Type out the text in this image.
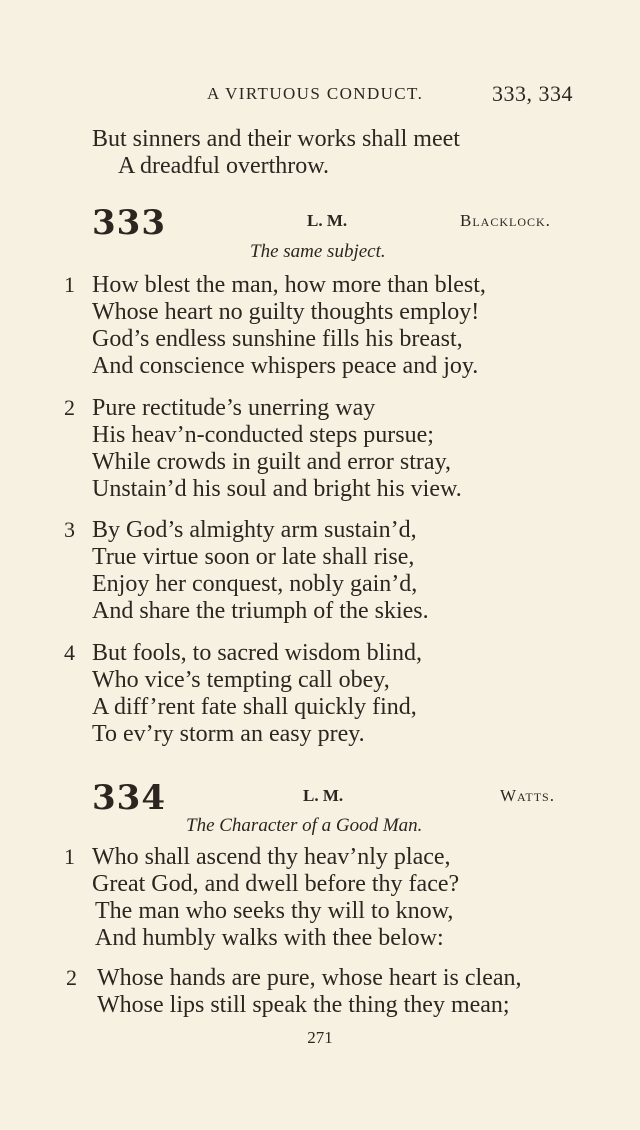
A VIRTUOUS CONDUCT.	333, 334
But sinners and their works shall meet
A dreadful overthrow.
333	L. M.	Blacklock.
The same subject.
1 How blest the man, how more than blest,
Whose heart no guilty thoughts employ!
God’s endless sunshine fills his breast,
And conscience whispers peace and joy.
2 Pure rectitude’s unerring way
His heav’n-conducted steps pursue;
While crowds in guilt and error stray,
Unstain’d his soul and bright his view.
3 By God’s almighty arm sustain’d,
True virtue soon or late shall rise,
Enjoy her conquest, nobly gain’d,
And share the triumph of the skies.
4 But fools, to sacred wisdom blind,
Who vice’s tempting call obey,
A diff’rent fate shall quickly find,
To ev’ry storm an easy prey.
334	L. M.	Watts.
The Character of a Good Man.
1 Who shall ascend thy heav’nly place,
Great God, and dwell before thy face?
The man who seeks thy will to know,
And humbly walks with thee below:
2 Whose hands are pure, whose heart is clean,
Whose lips still speak the thing they mean;
271
